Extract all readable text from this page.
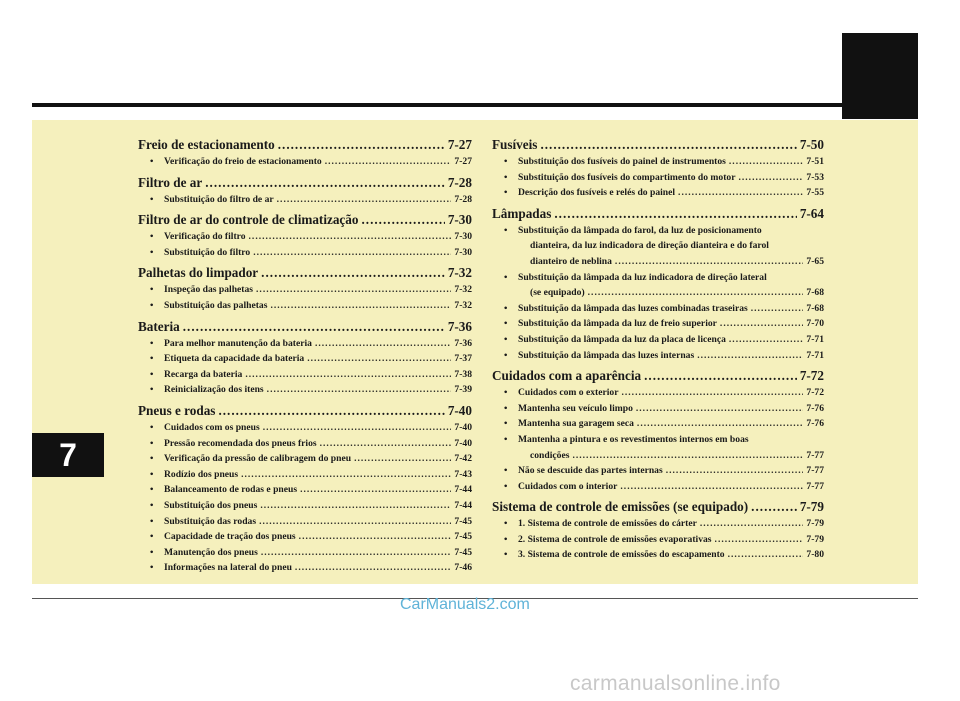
7
Freio de estacionamento .....	7-27
•	Verificação do freio de estacionamento .....	7-27
Filtro de ar .....	7-28
•	Substituição do filtro de ar .....	7-28
Filtro de ar do controle de climatização .....	7-30
•	Verificação do filtro .....	7-30
•	Substituição do filtro .....	7-30
Palhetas do limpador .....	7-32
•	Inspeção das palhetas .....	7-32
•	Substituição das palhetas .....	7-32
Bateria .....	7-36
•	Para melhor manutenção da bateria .....	7-36
•	Etiqueta da capacidade da bateria .....	7-37
•	Recarga da bateria .....	7-38
•	Reinicialização dos itens .....	7-39
Pneus e rodas .....	7-40
•	Cuidados com os pneus .....	7-40
•	Pressão recomendada dos pneus frios .....	7-40
•	Verificação da pressão de calibragem do pneu .....	7-42
•	Rodízio dos pneus .....	7-43
•	Balanceamento de rodas e pneus .....	7-44
•	Substituição dos pneus .....	7-44
•	Substituição das rodas .....	7-45
•	Capacidade de tração dos pneus .....	7-45
•	Manutenção dos pneus .....	7-45
•	Informações na lateral do pneu .....	7-46
Fusíveis .....	7-50
•	Substituição dos fusíveis do painel de instrumentos .....	7-51
•	Substituição dos fusíveis do compartimento do motor .....	7-53
•	Descrição dos fusíveis e relés do painel .....	7-55
Lâmpadas .....	7-64
•	Substituição da lâmpada do farol, da luz de posicionamento
dianteira, da luz indicadora de direção dianteira e do farol
dianteiro de neblina .....	7-65
•	Substituição da lâmpada da luz indicadora de direção lateral
(se equipado) .....	7-68
•	Substituição da lâmpada das luzes combinadas traseiras .....	7-68
•	Substituição da lâmpada da luz de freio superior .....	7-70
•	Substituição da lâmpada da luz da placa de licença .....	7-71
•	Substituição da lâmpada das luzes internas .....	7-71
Cuidados com a aparência .....	7-72
•	Cuidados com o exterior .....	7-72
•	Mantenha seu veículo limpo .....	7-76
•	Mantenha sua garagem seca .....	7-76
•	Mantenha a pintura e os revestimentos internos em boas
condições .....	7-77
•	Não se descuide das partes internas .....	7-77
•	Cuidados com o interior .....	7-77
Sistema de controle de emissões (se equipado) .....	7-79
•	1. Sistema de controle de emissões do cárter .....	7-79
•	2. Sistema de controle de emissões evaporativas .....	7-79
•	3. Sistema de controle de emissões do escapamento .....	7-80
CarManuals2.com
carmanualsonline.info
